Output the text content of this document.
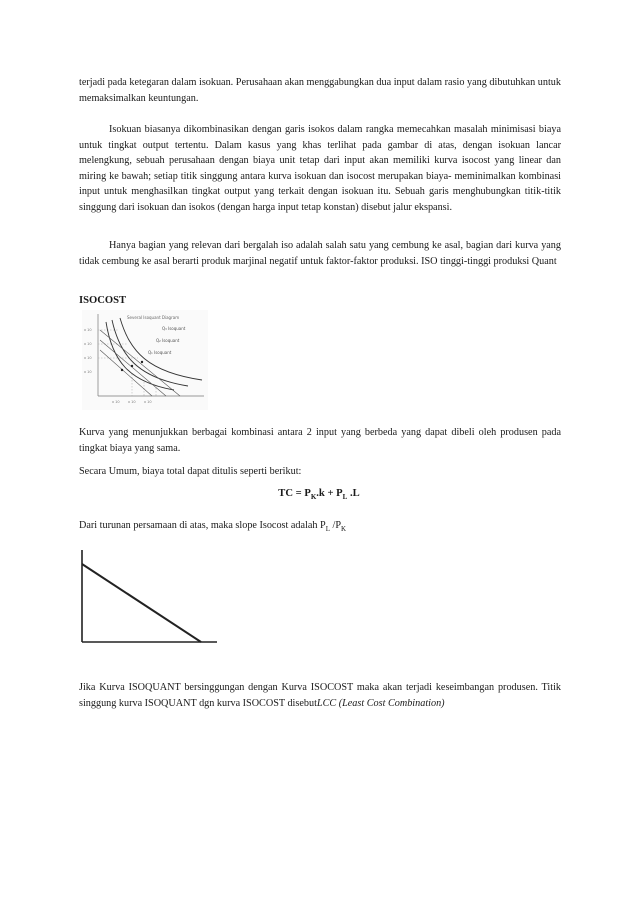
terjadi pada ketegaran dalam isokuan. Perusahaan akan menggabungkan dua input dalam rasio yang dibutuhkan untuk memaksimalkan keuntungan.

Isokuan biasanya dikombinasikan dengan garis isokos dalam rangka memecahkan masalah minimisasi biaya untuk tingkat output tertentu. Dalam kasus yang khas terlihat pada gambar di atas, dengan isokuan lancar melengkung, sebuah perusahaan dengan biaya unit tetap dari input akan memiliki kurva isocost yang linear dan miring ke bawah; setiap titik singgung antara kurva isokuan dan isocost merupakan biaya- meminimalkan kombinasi input untuk menghasilkan tingkat output yang terkait dengan isokuan itu. Sebuah garis menghubungkan titik-titik singgung dari isokuan dan isokos (dengan harga input tetap konstan) disebut jalur ekspansi.

Hanya bagian yang relevan dari bergalah iso adalah salah satu yang cembung ke asal, bagian dari kurva yang tidak cembung ke asal berarti produk marjinal negatif untuk faktor-faktor produksi. ISO tinggi-tinggi produksi Quant

ISOCOST

Several Isoquant Diagram
x 10
x 10
x 10
x 10
x 10 x 10 x 10
Q₃ Isoquant
Q₂ Isoquant
Q₁ Isoquant

Kurva yang menunjukkan berbagai kombinasi antara 2 input yang berbeda yang dapat dibeli oleh produsen pada tingkat biaya yang sama.

Secara Umum, biaya total dapat ditulis seperti berikut:

TC = $P_K.k + P_L$ .L

Dari turunan persamaan di atas, maka slope Isocost adalah $P_L$ $/P_K$

Jika Kurva ISOQUANT bersinggungan dengan Kurva ISOCOST maka akan terjadi keseimbangan produsen. Titik singgung kurva ISOQUANT dgn kurva ISOCOST disebutLCC (Least Cost Combination)
